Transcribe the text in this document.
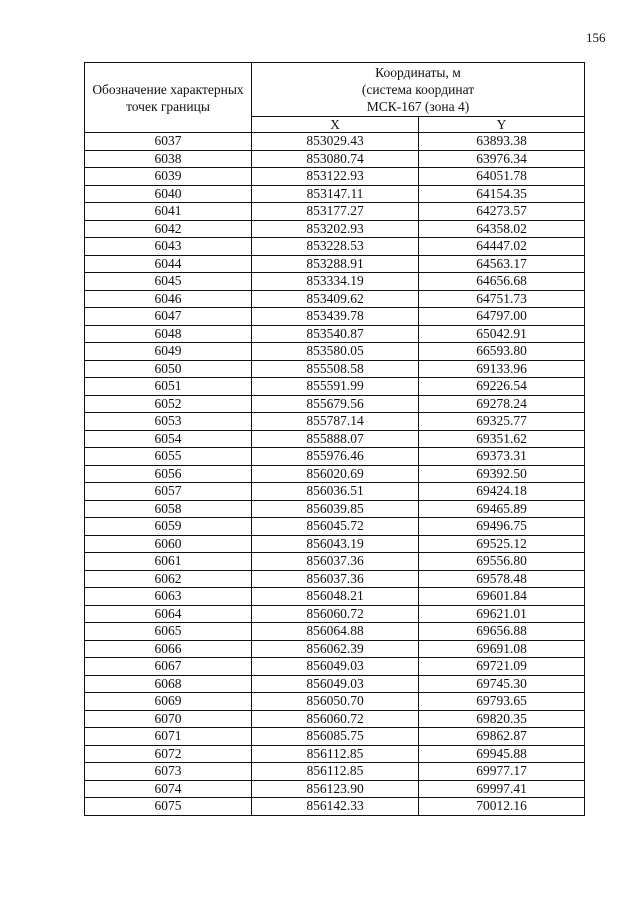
156
Обозначение характерных точек границы	Координаты, м
(система координат
МСК-167 (зона 4)	

	X	Y
6037	853029.43	63893.38
6038	853080.74	63976.34
6039	853122.93	64051.78
6040	853147.11	64154.35
6041	853177.27	64273.57
6042	853202.93	64358.02
6043	853228.53	64447.02
6044	853288.91	64563.17
6045	853334.19	64656.68
6046	853409.62	64751.73
6047	853439.78	64797.00
6048	853540.87	65042.91
6049	853580.05	66593.80
6050	855508.58	69133.96
6051	855591.99	69226.54
6052	855679.56	69278.24
6053	855787.14	69325.77
6054	855888.07	69351.62
6055	855976.46	69373.31
6056	856020.69	69392.50
6057	856036.51	69424.18
6058	856039.85	69465.89
6059	856045.72	69496.75
6060	856043.19	69525.12
6061	856037.36	69556.80
6062	856037.36	69578.48
6063	856048.21	69601.84
6064	856060.72	69621.01
6065	856064.88	69656.88
6066	856062.39	69691.08
6067	856049.03	69721.09
6068	856049.03	69745.30
6069	856050.70	69793.65
6070	856060.72	69820.35
6071	856085.75	69862.87
6072	856112.85	69945.88
6073	856112.85	69977.17
6074	856123.90	69997.41
6075	856142.33	70012.16
